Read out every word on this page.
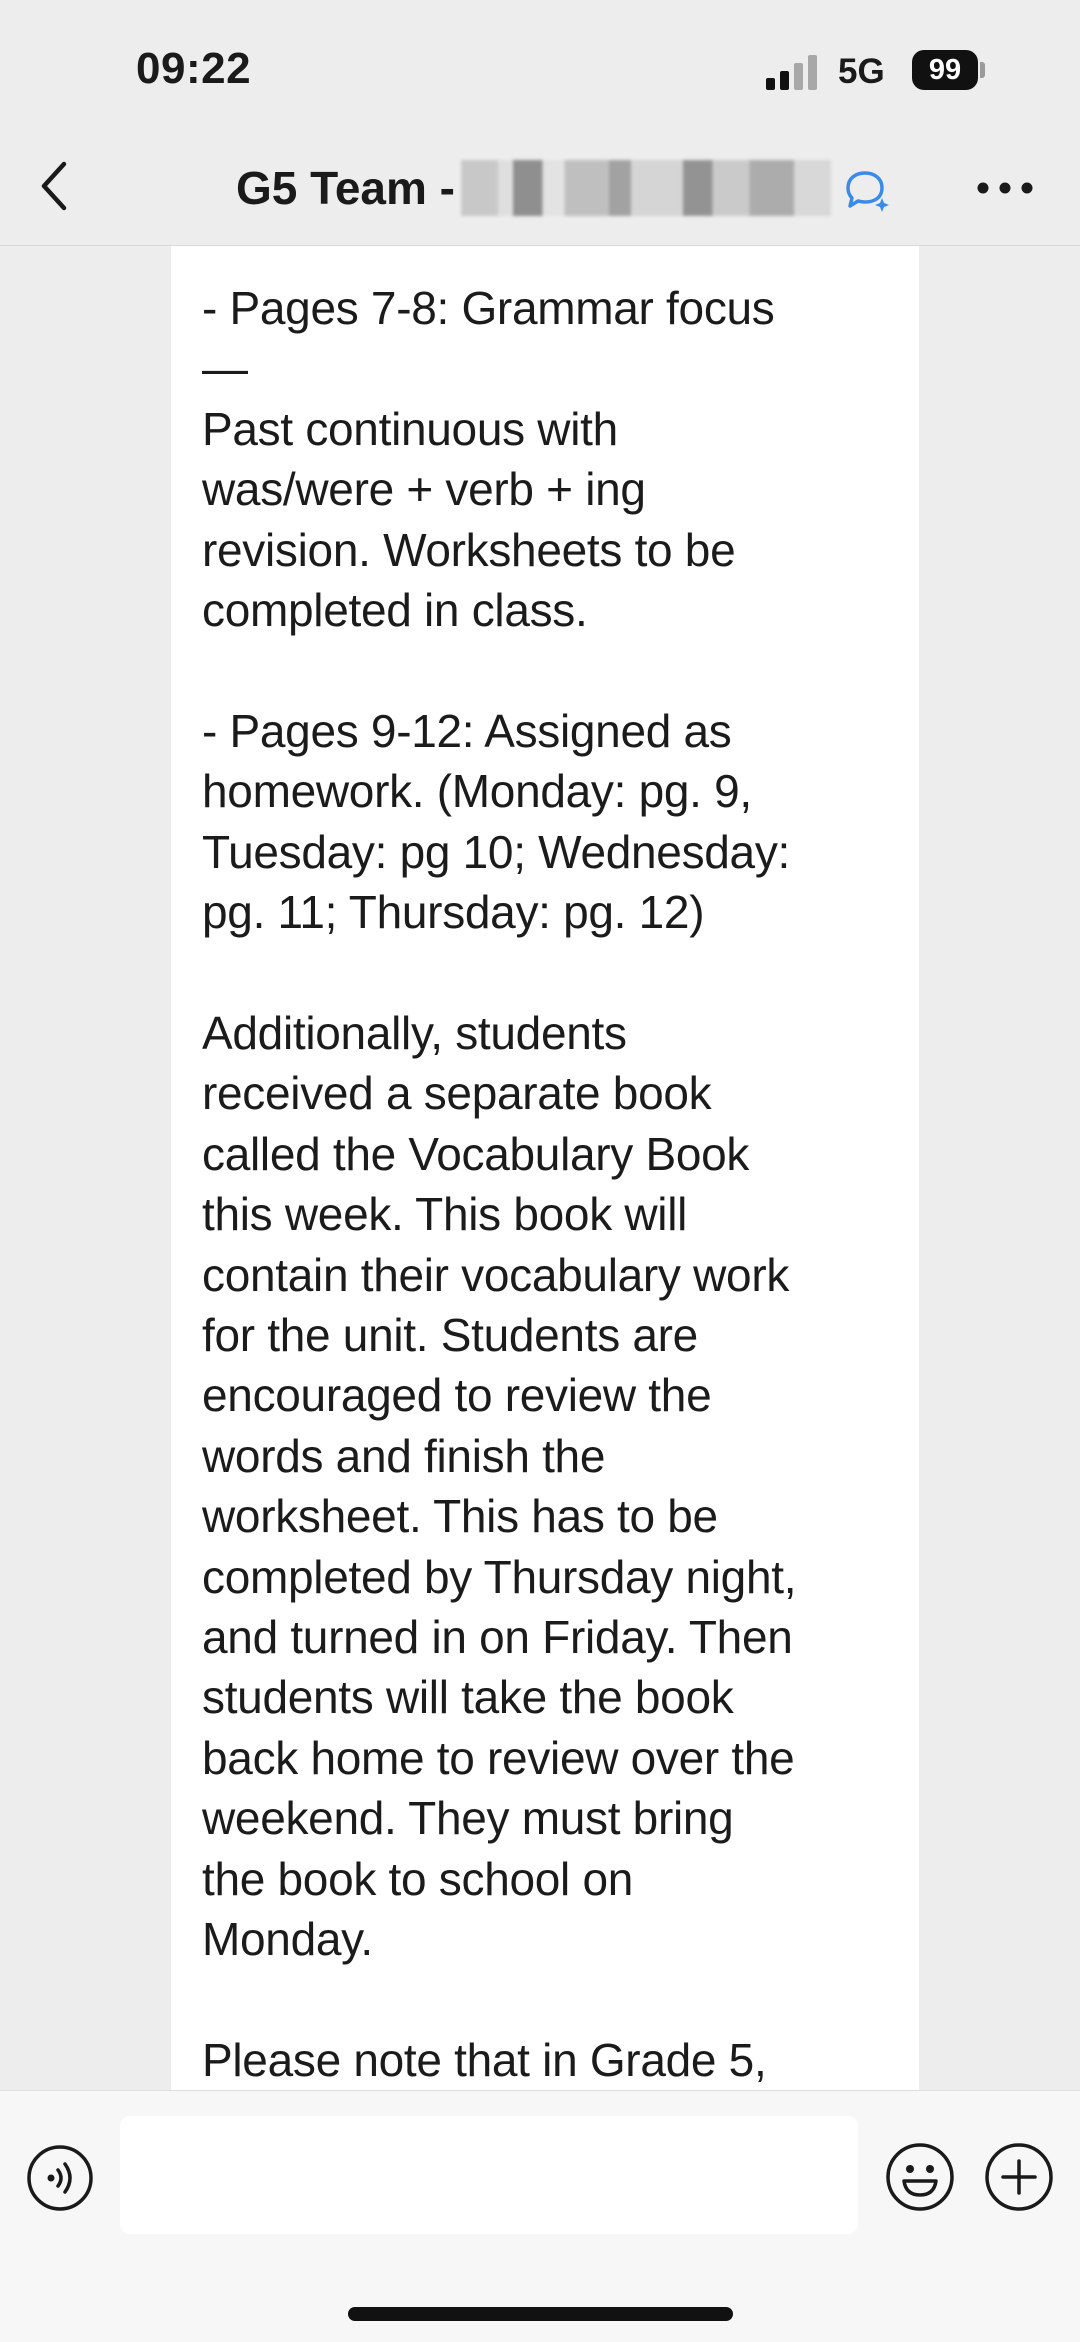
09:22	5G	99
G5 Team -
- Pages 7-8: Grammar focus
—
Past continuous with
was/were + verb + ing
revision. Worksheets to be
completed in class.

- Pages 9-12: Assigned as
homework. (Monday: pg. 9,
Tuesday: pg 10; Wednesday:
pg. 11; Thursday: pg. 12)

Additionally, students
received a separate book
called the Vocabulary Book
this week. This book will
contain their vocabulary work
for the unit. Students are
encouraged to review the
words and finish the
worksheet. This has to be
completed by Thursday night,
and turned in on Friday. Then
students will take the book
back home to review over the
weekend. They must bring
the book to school on
Monday.

Please note that in Grade 5,
